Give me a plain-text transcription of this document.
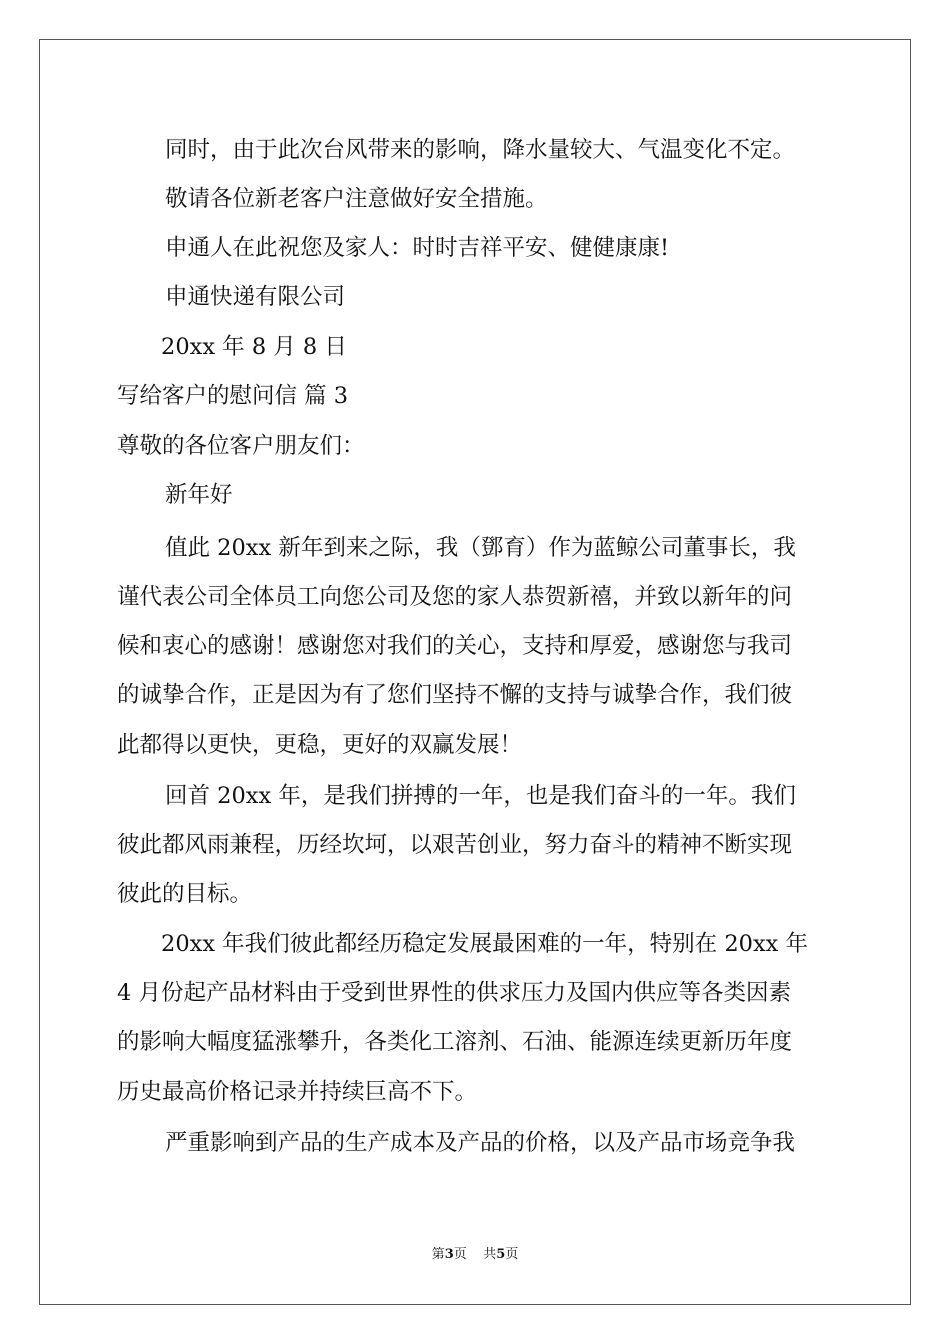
同时，由于此次台风带来的影响，降水量较大、气温变化不定。
敬请各位新老客户注意做好安全措施。
申通人在此祝您及家人：时时吉祥平安、健健康康!
申通快递有限公司
20xx 年 8 月 8 日
写给客户的慰问信 篇 3
尊敬的各位客户朋友们：
新年好
值此 20xx 新年到来之际，我（鄧育）作为蓝鲸公司董事长，我
谨代表公司全体员工向您公司及您的家人恭贺新禧，并致以新年的问
候和衷心的感谢！感谢您对我们的关心，支持和厚爱，感谢您与我司
的诚挚合作，正是因为有了您们坚持不懈的支持与诚挚合作，我们彼
此都得以更快，更稳，更好的双赢发展！
回首 20xx 年，是我们拼搏的一年，也是我们奋斗的一年。我们
彼此都风雨兼程，历经坎坷，以艰苦创业，努力奋斗的精神不断实现
彼此的目标。
20xx 年我们彼此都经历稳定发展最困难的一年，特别在 20xx 年
4 月份起产品材料由于受到世界性的供求压力及国内供应等各类因素
的影响大幅度猛涨攀升，各类化工溶剂、石油、能源连续更新历年度
历史最高价格记录并持续巨高不下。
严重影响到产品的生产成本及产品的价格，以及产品市场竞争我
第3页    共5页
